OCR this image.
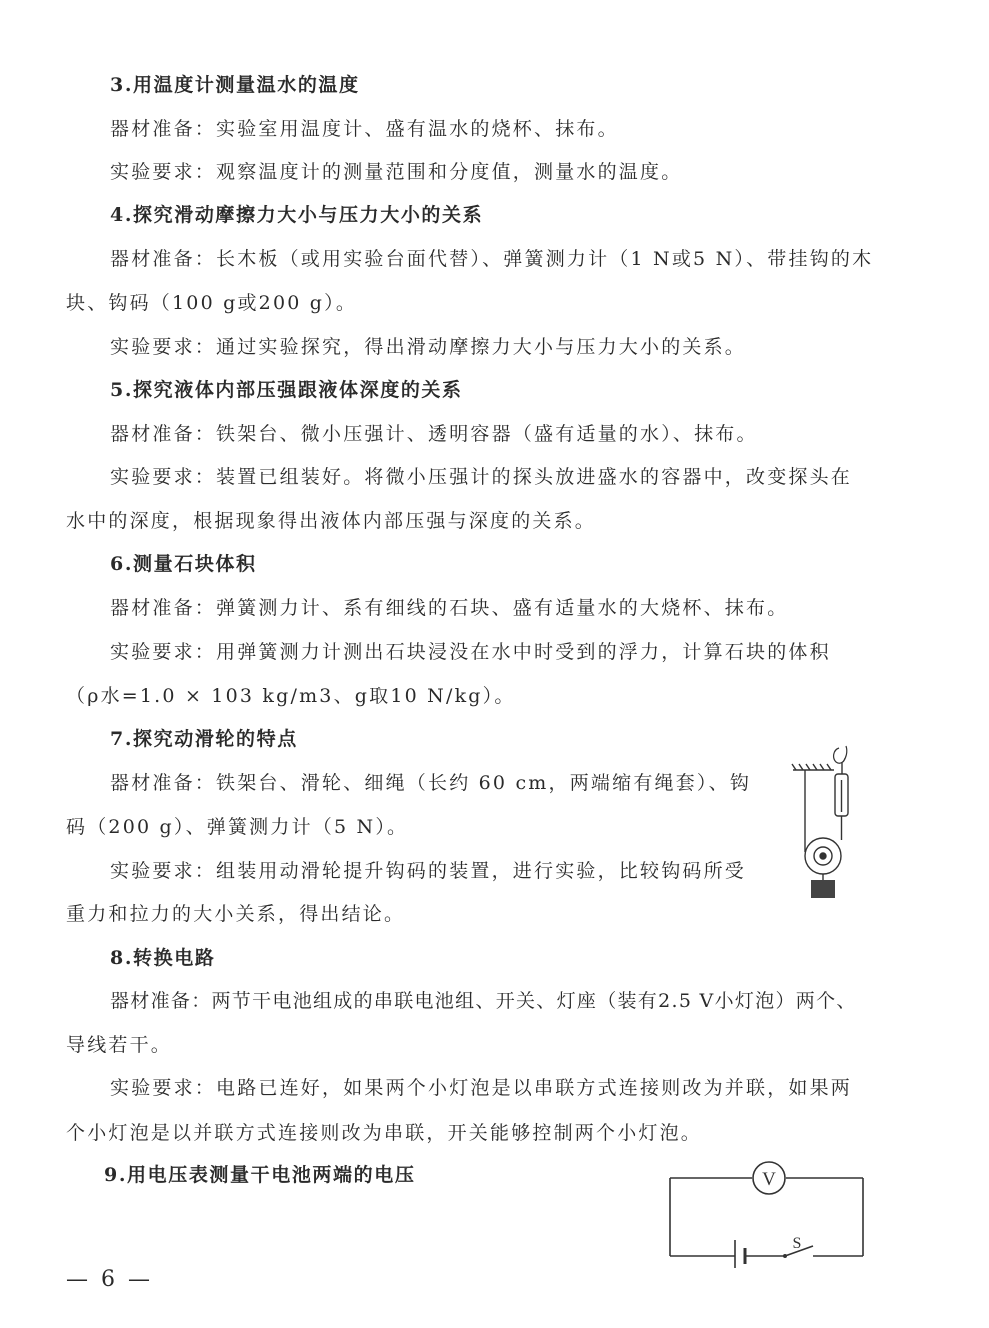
3.用温度计测量温水的温度
器材准备：实验室用温度计、盛有温水的烧杯、抹布。
实验要求：观察温度计的测量范围和分度值，测量水的温度。
4.探究滑动摩擦力大小与压力大小的关系
器材准备：长木板（或用实验台面代替）、弹簧测力计（1 N或5 N）、带挂钩的木
块、钩码（100 g或200 g）。
实验要求：通过实验探究，得出滑动摩擦力大小与压力大小的关系。
5.探究液体内部压强跟液体深度的关系
器材准备：铁架台、微小压强计、透明容器（盛有适量的水）、抹布。
实验要求：装置已组装好。将微小压强计的探头放进盛水的容器中，改变探头在
水中的深度，根据现象得出液体内部压强与深度的关系。
6.测量石块体积
器材准备：弹簧测力计、系有细线的石块、盛有适量水的大烧杯、抹布。
实验要求：用弹簧测力计测出石块浸没在水中时受到的浮力，计算石块的体积
（ρ水=1.0 × 103 kg/m3、g取10 N/kg）。
7.探究动滑轮的特点
器材准备：铁架台、滑轮、细绳（长约 60 cm，两端缩有绳套）、钩
码（200 g）、弹簧测力计（5 N）。
实验要求：组装用动滑轮提升钩码的装置，进行实验，比较钩码所受
重力和拉力的大小关系，得出结论。
8.转换电路
器材准备：两节干电池组成的串联电池组、开关、灯座（装有2.5 V小灯泡）两个、
导线若干。
实验要求：电路已连好，如果两个小灯泡是以串联方式连接则改为并联，如果两
个小灯泡是以并联方式连接则改为串联，开关能够控制两个小灯泡。
9.用电压表测量干电池两端的电压	V
S
— 6 —
